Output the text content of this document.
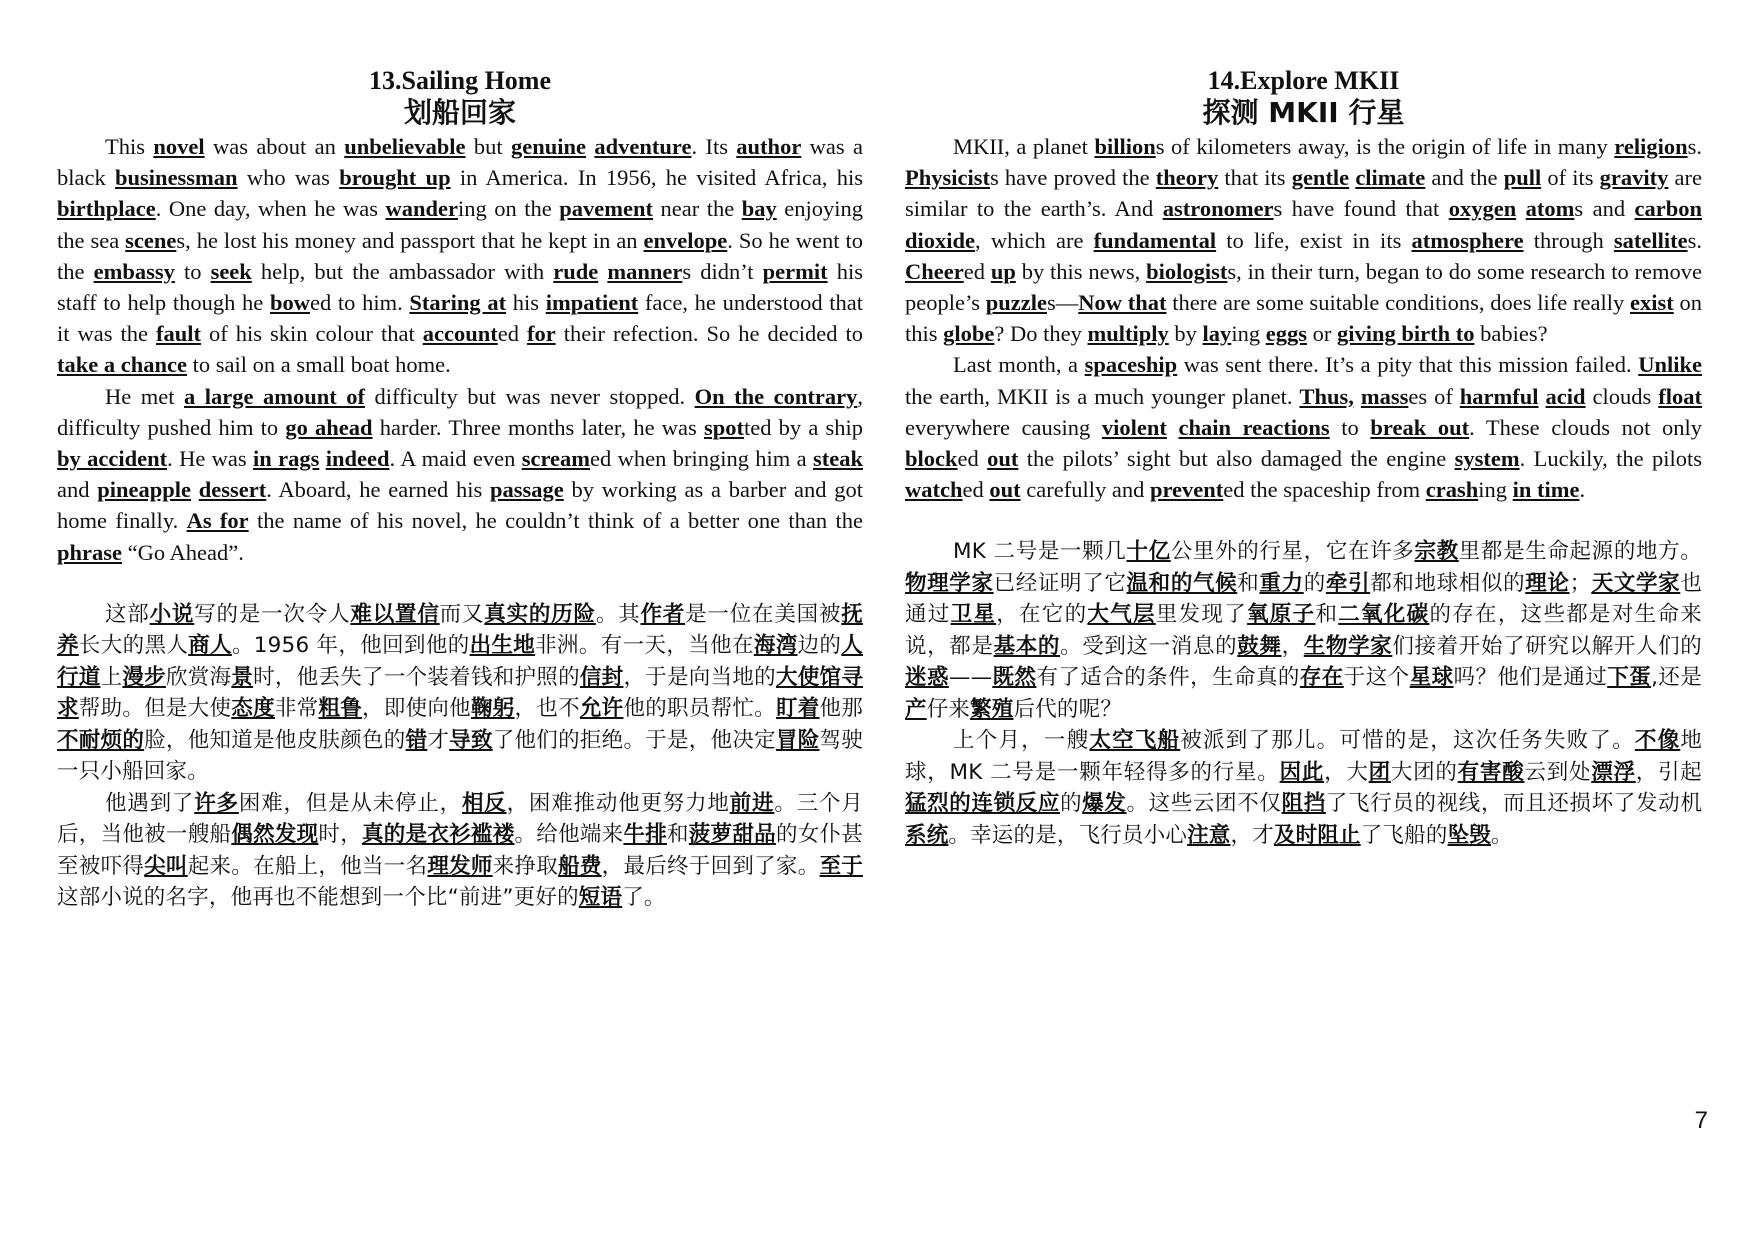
13.Sailing Home
划船回家

This novel was about an unbelievable but genuine adventure. Its author was a black businessman who was brought up in America. In 1956, he visited Africa, his birthplace. One day, when he was wandering on the pavement near the bay enjoying the sea scenes, he lost his money and passport that he kept in an envelope. So he went to the embassy to seek help, but the ambassador with rude manners didn’t permit his staff to help though he bowed to him. Staring at his impatient face, he understood that it was the fault of his skin colour that accounted for their refection. So he decided to take a chance to sail on a small boat home.

He met a large amount of difficulty but was never stopped. On the contrary, difficulty pushed him to go ahead harder. Three months later, he was spotted by a ship by accident. He was in rags indeed. A maid even screamed when bringing him a steak and pineapple dessert. Aboard, he earned his passage by working as a barber and got home finally. As for the name of his novel, he couldn’t think of a better one than the phrase “Go Ahead”.

这部小说写的是一次令人难以置信而又真实的历险。其作者是一位在美国被抚养长大的黑人商人。1956 年，他回到他的出生地非洲。有一天，当他在海湾边的人行道上漫步欣赏海景时，他丢失了一个装着钱和护照的信封，于是向当地的大使馆寻求帮助。但是大使态度非常粗鲁，即使向他鞠躬，也不允许他的职员帮忙。盯着他那不耐烦的脸，他知道是他皮肤颜色的错才导致了他们的拒绝。于是，他决定冒险驾驶一只小船回家。

他遇到了许多困难，但是从未停止，相反，困难推动他更努力地前进。三个月后，当他被一艘船偶然发现时，真的是衣衫褴褛。给他端来牛排和菠萝甜品的女仆甚至被吓得尖叫起来。在船上，他当一名理发师来挣取船费，最后终于回到了家。至于这部小说的名字，他再也不能想到一个比“前进”更好的短语了。

14.Explore MKII
探测 MKII 行星

MKII, a planet billions of kilometers away, is the origin of life in many religions. Physicists have proved the theory that its gentle climate and the pull of its gravity are similar to the earth’s. And astronomers have found that oxygen atoms and carbon dioxide, which are fundamental to life, exist in its atmosphere through satellites. Cheered up by this news, biologists, in their turn, began to do some research to remove people’s puzzles—Now that there are some suitable conditions, does life really exist on this globe? Do they multiply by laying eggs or giving birth to babies?

Last month, a spaceship was sent there. It’s a pity that this mission failed. Unlike the earth, MKII is a much younger planet. Thus, masses of harmful acid clouds float everywhere causing violent chain reactions to break out. These clouds not only blocked out the pilots’ sight but also damaged the engine system. Luckily, the pilots watched out carefully and prevented the spaceship from crashing in time.

MK 二号是一颗几十亿公里外的行星，它在许多宗教里都是生命起源的地方。物理学家已经证明了它温和的气候和重力的牵引都和地球相似的理论；天文学家也通过卫星，在它的大气层里发现了氧原子和二氧化碳的存在，这些都是对生命来说，都是基本的。受到这一消息的鼓舞，生物学家们接着开始了研究以解开人们的迷惑——既然有了适合的条件，生命真的存在于这个星球吗？他们是通过下蛋,还是产仔来繁殖后代的呢？

上个月，一艘太空飞船被派到了那儿。可惜的是，这次任务失败了。不像地球，MK 二号是一颗年轻得多的行星。因此，大团大团的有害酸云到处漂浮，引起猛烈的连锁反应的爆发。这些云团不仅阻挡了飞行员的视线，而且还损坏了发动机系统。幸运的是，飞行员小心注意，才及时阻止了飞船的坠毁。

7
